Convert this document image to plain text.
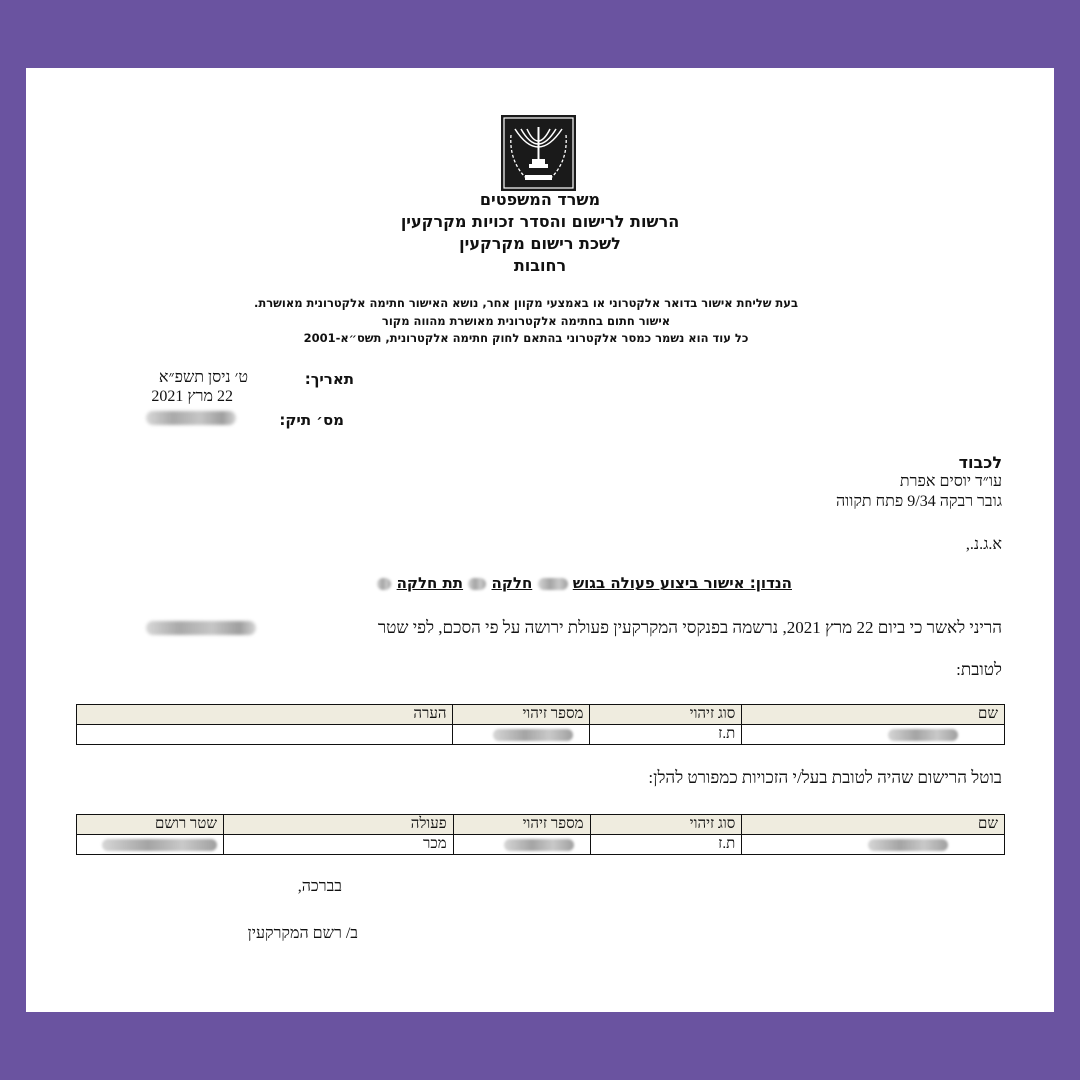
משרד המשפטים
הרשות לרישום והסדר זכויות מקרקעין
לשכת רישום מקרקעין
רחובות
בעת שליחת אישור בדואר אלקטרוני או באמצעי מקוון אחר, נושא האישור חתימה אלקטרונית מאושרת.
אישור חתום בחתימה אלקטרונית מאושרת מהווה מקור
כל עוד הוא נשמר כמסר אלקטרוני בהתאם לחוק חתימה אלקטרונית, תשס״א-2001
תאריך:
ט׳ ניסן תשפ״א
22 מרץ 2021
מס׳ תיק:
לכבוד
עו״ד יוסים אפרת
גובר רבקה 9/34 פתח תקווה
א.ג.נ.,
הנדון: אישור ביצוע פעולה בגוש  חלקה  תת חלקה
הריני לאשר כי ביום 22 מרץ 2021, נרשמה בפנקסי המקרקעין פעולת ירושה על פי הסכם, לפי שטר
לטובת:
שם	סוג זיהוי	מספר זיהוי	הערה
	ת.ז		
בוטל הרישום שהיה לטובת בעל/י הזכויות כמפורט להלן:
שם	סוג זיהוי	מספר זיהוי	פעולה	שטר רושם
	ת.ז		מכר	
בברכה,
ב/ רשם המקרקעין
